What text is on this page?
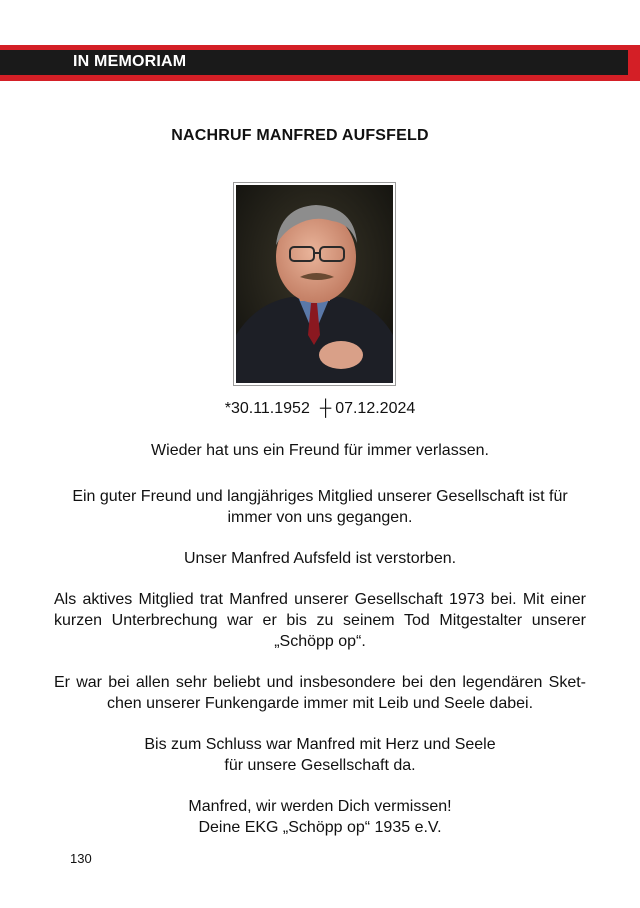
IN MEMORIAM
NACHRUF MANFRED AUFSFELD
*30.11.1952 ┼ 07.12.2024

Wieder hat uns ein Freund für immer verlassen.

Ein guter Freund und langjähriges Mitglied unserer Gesellschaft ist für

immer von uns gegangen.

Unser Manfred Aufsfeld ist verstorben.

Als aktives Mitglied trat Manfred unserer Gesellschaft 1973 bei. Mit einer kurzen Unterbrechung war er bis zu seinem Tod Mitgestalter unserer „Schöpp op“.

Er war bei allen sehr beliebt und insbesondere bei den legendären Sket-chen unserer Funkengarde immer mit Leib und Seele dabei.

Bis zum Schluss war Manfred mit Herz und Seele

für unsere Gesellschaft da.

Manfred, wir werden Dich vermissen!

Deine EKG „Schöpp op“ 1935 e.V.

130
